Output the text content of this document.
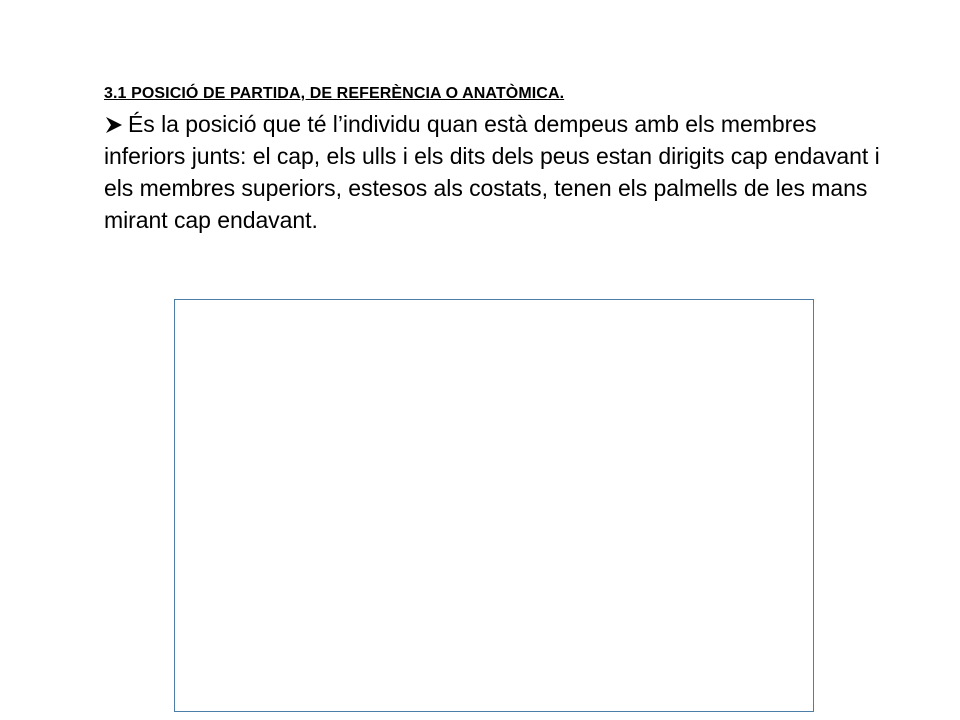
3.1 POSICIÓ DE PARTIDA, DE REFERÈNCIA O ANATÒMICA.
És la posició que té l’individu quan està dempeus amb els membres inferiors junts: el cap, els ulls i els dits dels peus estan dirigits cap endavant i els membres superiors, estesos als costats, tenen els palmells de les mans mirant cap endavant.
